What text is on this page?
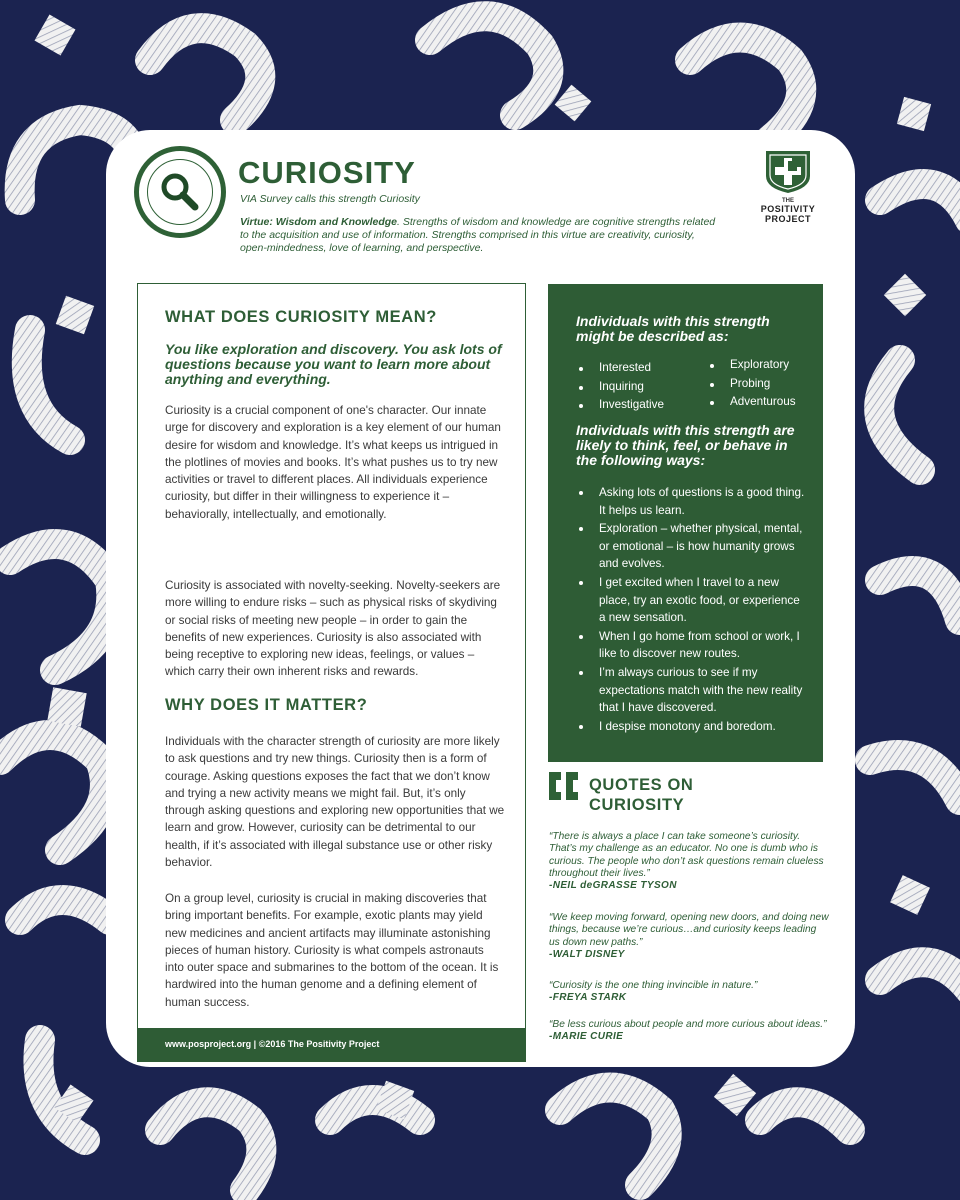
CURIOSITY
VIA Survey calls this strength Curiosity
Virtue: Wisdom and Knowledge. Strengths of wisdom and knowledge are cognitive strengths related to the acquisition and use of information. Strengths comprised in this virtue are creativity, curiosity, open-mindedness, love of learning, and perspective.
THE
POSITIVITY
PROJECT
WHAT DOES CURIOSITY MEAN?
You like exploration and discovery. You ask lots of questions because you want to learn more about anything and everything.

Curiosity is a crucial component of one's character. Our innate urge for discovery and exploration is a key element of our human desire for wisdom and knowledge. It’s what keeps us intrigued in the plotlines of movies and books. It’s what pushes us to try new activities or travel to different places. All individuals experience curiosity, but differ in their willingness to experience it – behaviorally, intellectually, and emotionally.

Curiosity is associated with novelty-seeking. Novelty-seekers are more willing to endure risks – such as physical risks of skydiving or social risks of meeting new people – in order to gain the benefits of new experiences. Curiosity is also associated with being receptive to exploring new ideas, feelings, or values – which carry their own inherent risks and rewards.

WHY DOES IT MATTER?

Individuals with the character strength of curiosity are more likely to ask questions and try new things. Curiosity then is a form of courage. Asking questions exposes the fact that we don’t know and trying a new activity means we might fail. But, it’s only through asking questions and exploring new opportunities that we learn and grow. However, curiosity can be detrimental to our health, if it’s associated with illegal substance use or other risky behavior.

On a group level, curiosity is crucial in making discoveries that bring important benefits. For example, exotic plants may yield new medicines and ancient artifacts may illuminate astonishing pieces of human history. Curiosity is what compels astronauts into outer space and submarines to the bottom of the ocean. It is hardwired into the human genome and a defining element of human success.

www.posproject.org | ©2016 The Positivity Project
Individuals with this strength might be described as:
Interested
Inquiring
Investigative
Exploratory
Probing
Adventurous
Individuals with this strength are likely to think, feel, or behave in the following ways:
Asking lots of questions is a good thing. It helps us learn.
Exploration – whether physical, mental, or emotional – is how humanity grows and evolves.
I get excited when I travel to a new place, try an exotic food, or experience a new sensation.
When I go home from school or work, I like to discover new routes.
I’m always curious to see if my expectations match with the new reality that I have discovered.
I despise monotony and boredom.
QUOTES ON
CURIOSITY
“There is always a place I can take someone’s curiosity. That’s my challenge as an educator. No one is dumb who is curious. The people who don’t ask questions remain clueless throughout their lives.”
-NEIL deGRASSE TYSON
“We keep moving forward, opening new doors, and doing new things, because we’re curious…and curiosity keeps leading us down new paths.”
-WALT DISNEY
“Curiosity is the one thing invincible in nature.”
-FREYA STARK
“Be less curious about people and more curious about ideas.”
-MARIE CURIE
